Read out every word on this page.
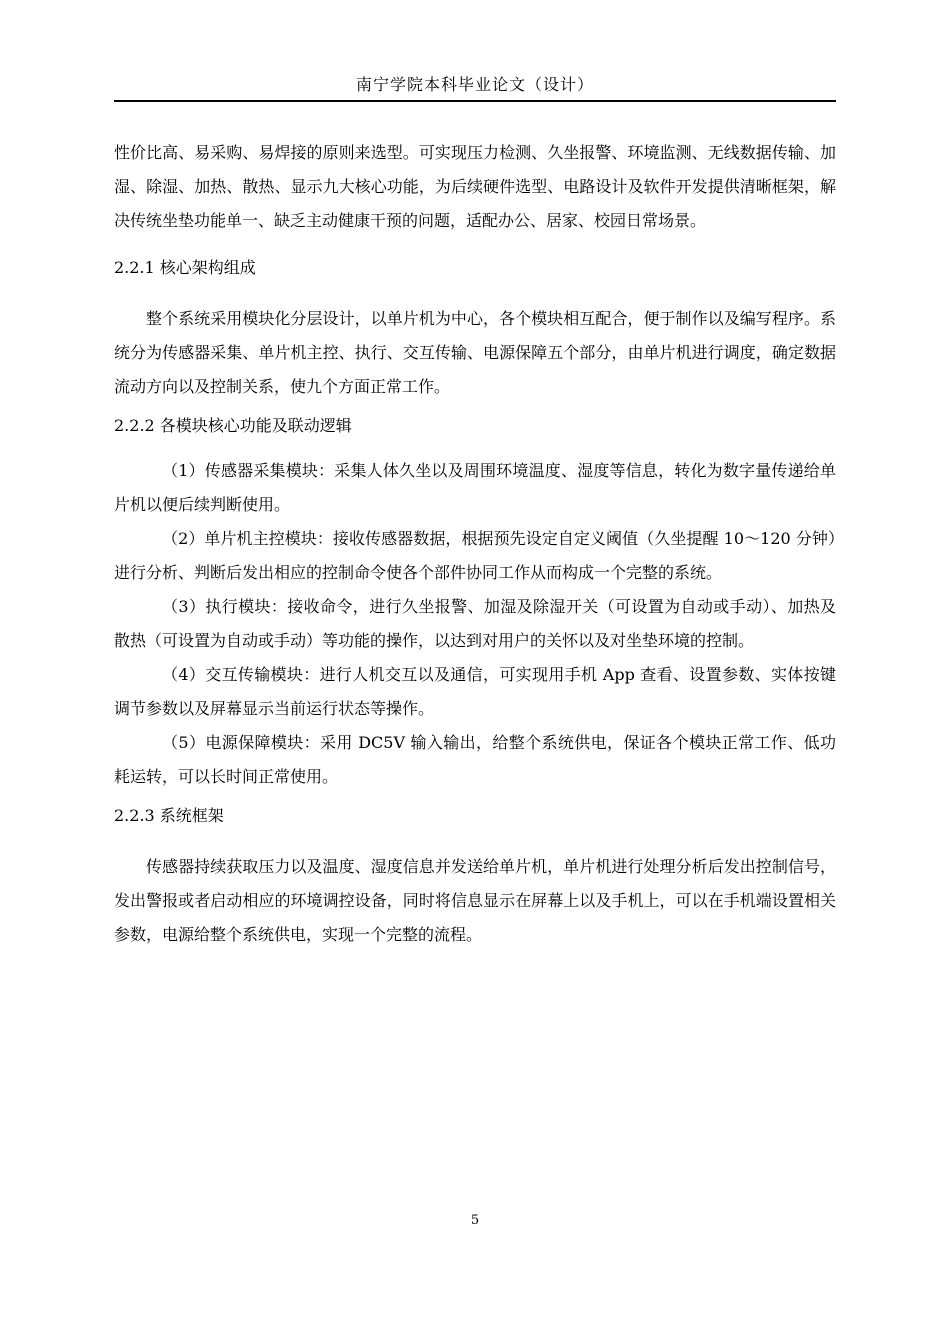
南宁学院本科毕业论文（设计）

性价比高、易采购、易焊接的原则来选型。可实现压力检测、久坐报警、环境监测、无线数据传输、加湿、除湿、加热、散热、显示九大核心功能，为后续硬件选型、电路设计及软件开发提供清晰框架，解决传统坐垫功能单一、缺乏主动健康干预的问题，适配办公、居家、校园日常场景。

2.2.1 核心架构组成

整个系统采用模块化分层设计，以单片机为中心，各个模块相互配合，便于制作以及编写程序。系统分为传感器采集、单片机主控、执行、交互传输、电源保障五个部分，由单片机进行调度，确定数据流动方向以及控制关系，使九个方面正常工作。

2.2.2 各模块核心功能及联动逻辑

（1）传感器采集模块：采集人体久坐以及周围环境温度、湿度等信息，转化为数字量传递给单片机以便后续判断使用。

（2）单片机主控模块：接收传感器数据，根据预先设定自定义阈值（久坐提醒 10～120 分钟）进行分析、判断后发出相应的控制命令使各个部件协同工作从而构成一个完整的系统。

（3）执行模块：接收命令，进行久坐报警、加湿及除湿开关（可设置为自动或手动）、加热及散热（可设置为自动或手动）等功能的操作，以达到对用户的关怀以及对坐垫环境的控制。

（4）交互传输模块：进行人机交互以及通信，可实现用手机 App 查看、设置参数、实体按键调节参数以及屏幕显示当前运行状态等操作。

（5）电源保障模块：采用 DC5V 输入输出，给整个系统供电，保证各个模块正常工作、低功耗运转，可以长时间正常使用。

2.2.3 系统框架

传感器持续获取压力以及温度、湿度信息并发送给单片机，单片机进行处理分析后发出控制信号，发出警报或者启动相应的环境调控设备，同时将信息显示在屏幕上以及手机上，可以在手机端设置相关参数，电源给整个系统供电，实现一个完整的流程。

5
